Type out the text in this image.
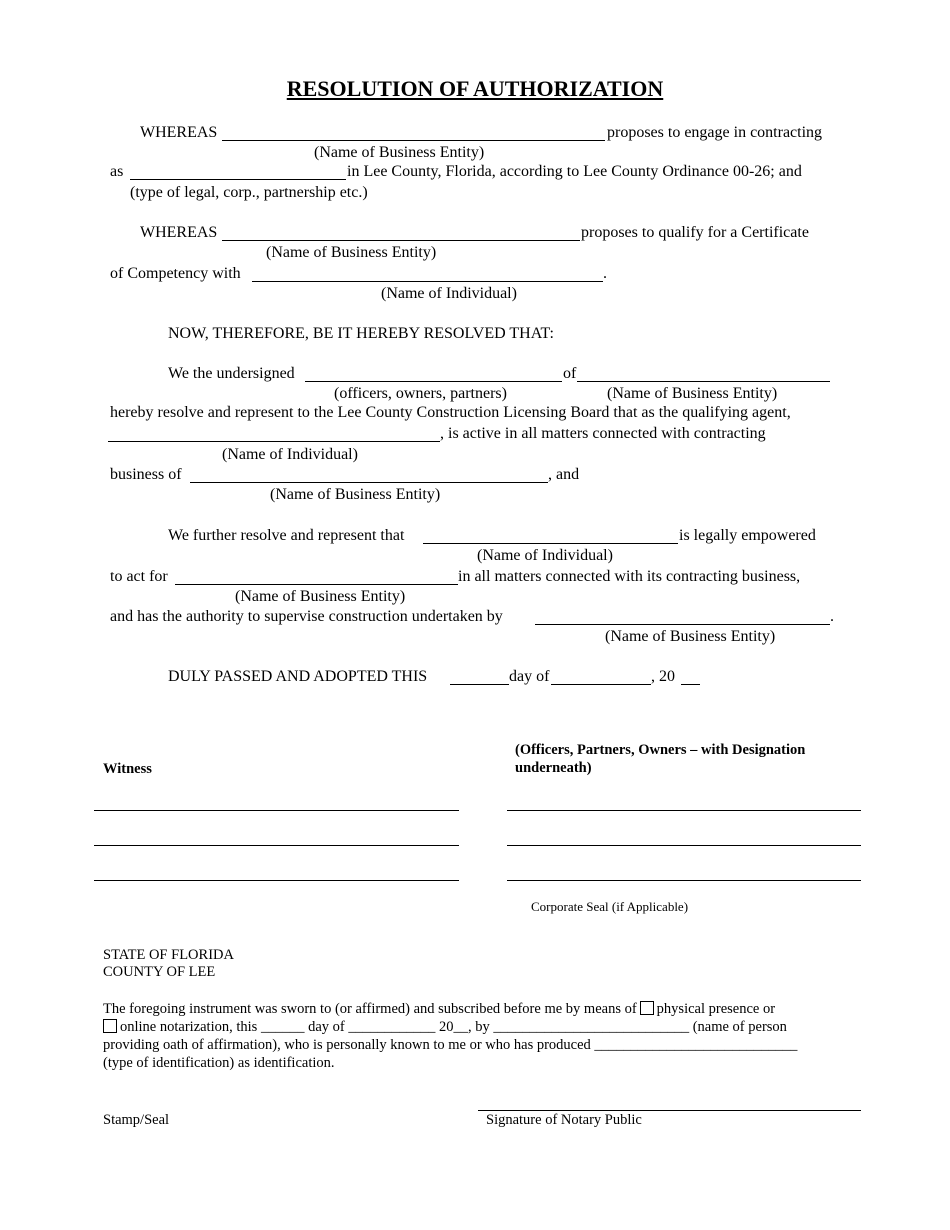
RESOLUTION OF AUTHORIZATION
WHEREAS	proposes to engage in contracting
(Name of Business Entity)
as	in Lee County, Florida, according to Lee County Ordinance 00-26; and
(type of legal, corp., partnership etc.)
WHEREAS	proposes to qualify for a Certificate
(Name of Business Entity)
of Competency with	.
(Name of Individual)
NOW, THEREFORE, BE IT HEREBY RESOLVED THAT:
We the undersigned	of
(officers, owners, partners)	(Name of Business Entity)
hereby resolve and represent to the Lee County Construction Licensing Board that as the qualifying agent,
, is active in all matters connected with contracting
(Name of Individual)
business of	, and
(Name of Business Entity)
We further resolve and represent that	is legally empowered
(Name of Individual)
to act for	in all matters connected with its contracting business,
(Name of Business Entity)
and has the authority to supervise construction undertaken by	.
(Name of Business Entity)
DULY PASSED AND ADOPTED THIS	day of	, 20
Witness
(Officers, Partners, Owners – with Designation underneath)
Corporate Seal (if Applicable)
STATE OF FLORIDA
COUNTY OF LEE
The foregoing instrument was sworn to (or affirmed) and subscribed before me by means of physical presence or
online notarization, this ______ day of ____________ 20__, by ___________________________ (name of person
providing oath of affirmation), who is personally known to me or who has produced ____________________________
(type of identification) as identification.
Stamp/Seal	Signature of Notary Public
